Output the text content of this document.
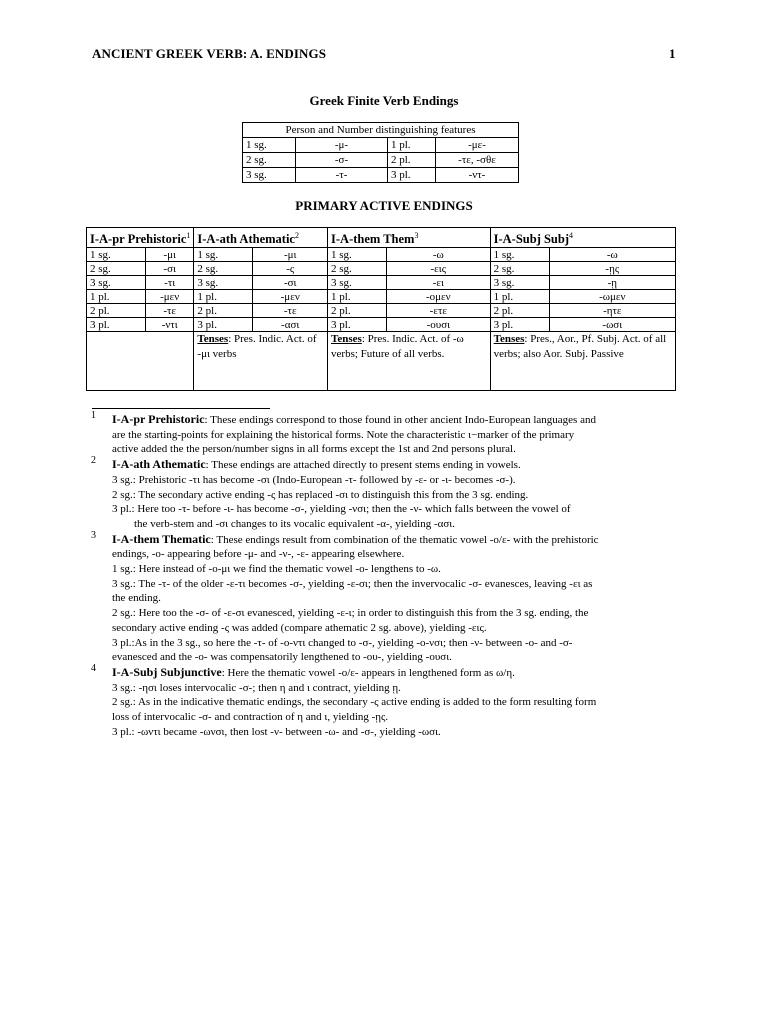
ANCIENT GREEK VERB: A. ENDINGS	1
Greek Finite Verb Endings
Person and Number distinguishing features			
1 sg.	-μ-	1 pl.	-με-
2 sg.	-σ-	2 pl.	-τε, -σθε
3 sg.	-τ-	3 pl.	-ντ-
PRIMARY ACTIVE ENDINGS
I-A-pr Prehistoric$^1$		I-A-ath Athematic$^2$		I-A-them Them$^3$		I-A-Subj Subj$^4$
1 sg.	-μι	1 sg.	-μι	1 sg.	-ω	1 sg.	-ω
2 sg.	-σι	2 sg.	-ς	2 sg.	-εις	2 sg.	-ῃς
3 sg.	-τι	3 sg.	-σι	3 sg.	-ει	3 sg.	-ῃ
1 pl.	-μεν	1 pl.	-μεν	1 pl.	-ομεν	1 pl.	-ωμεν
2 pl.	-τε	2 pl.	-τε	2 pl.	-ετε	2 pl.	-ητε
3 pl.	-ντι	3 pl.	-ασι	3 pl.	-ουσι	3 pl.	-ωσι
		Tenses: Pres. Indic. Act. of -μι verbs		Tenses: Pres. Indic. Act. of -ω verbs; Future of all verbs.		Tenses: Pres., Aor., Pf. Subj. Act. of all verbs; also Aor. Subj. Passive	
1 I-A-pr Prehistoric: These endings correspond to those found in other ancient Indo-European languages and
are the starting-points for explaining the historical forms. Note the characteristic ι−marker of the primary
active added the the person/number signs in all forms except the 1st and 2nd persons plural.
2 I-A-ath Athematic: These endings are attached directly to present stems ending in vowels.
3 sg.: Prehistoric -τι has become -σι (Indo-European -τ- followed by -ε- or -ι- becomes -σ-).
2 sg.: The secondary active ending -ς has replaced -σι to distinguish this from the 3 sg. ending.
3 pl.: Here too -τ- before -ι- has become -σ-, yielding -νσι; then the -ν- which falls between the vowel of
the verb-stem and -σι changes to its vocalic equivalent -α-, yielding -ασι.
3 I-A-them Thematic: These endings result from combination of the thematic vowel -ο/ε- with the prehistoric
endings, -ο- appearing before -μ- and -ν-, -ε- appearing elsewhere.
1 sg.: Here instead of -ο-μι we find the thematic vowel -ο- lengthens to -ω.
3 sg.: The -τ- of the older -ε-τι becomes -σ-, yielding -ε-σι; then the invervocalic -σ- evanesces, leaving -ει as
the ending.
2 sg.: Here too the -σ- of -ε-σι evanesced, yielding -ε-ι; in order to distinguish this from the 3 sg. ending, the
secondary active ending -ς was added (compare athematic 2 sg. above), yielding -εις.
3 pl.:As in the 3 sg., so here the -τ- of -ο-ντι changed to -σ-, yielding -ο-νσι; then -ν- between -ο- and -σ-
evanesced and the -ο- was compensatorily lengthened to -ου-, yielding -ουσι.
4 I-A-Subj Subjunctive: Here the thematic vowel -ο/ε- appears in lengthened form as ω/η.
3 sg.: -ησι loses intervocalic -σ-; then η and ι contract, yielding ῃ.
2 sg.: As in the indicative thematic endings, the secondary -ς active ending is added to the form resulting form
loss of intervocalic -σ- and contraction of η and ι, yielding -ῃς.
3 pl.: -ωντι became -ωνσι, then lost -ν- between -ω- and -σ-, yielding -ωσι.
